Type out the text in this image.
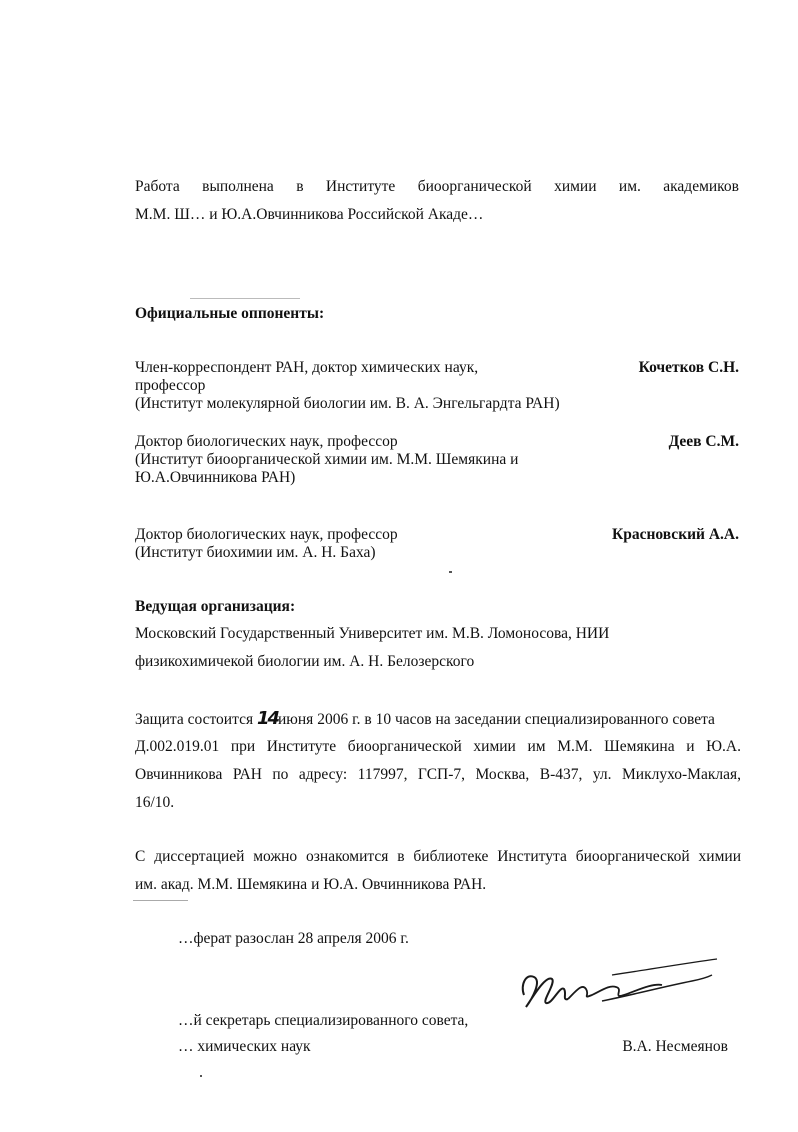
Работа выполнена в Институте биоорганической химии им. академиков
М.М. Ш… и Ю.А.Овчинникова Российской Акаде…
Официальные оппоненты:
Член-корреспондент РАН, доктор химических наук,
профессор
(Институт молекулярной биологии им. В. А. Энгельгардта РАН)
Кочетков С.Н.
Доктор биологических наук, профессор
(Институт биоорганической химии им. М.М. Шемякина и
Ю.А.Овчинникова РАН)
Деев С.М.
Доктор биологических наук, профессор
(Институт биохимии им. А. Н. Баха)
Красновский А.А.
Ведущая организация:
Московский Государственный Университет им. М.В. Ломоносова, НИИ
физикохимичекой биологии им. А. Н. Белозерского
Защита состоится 14июня 2006 г. в 10 часов на заседании специализированного совета
Д.002.019.01 при Институте биоорганической химии им М.М. Шемякина и Ю.А.
Овчинникова РАН по адресу: 117997, ГСП-7, Москва, В-437, ул. Миклухо-Маклая,
16/10.
С диссертацией можно ознакомится в библиотеке Института биоорганической химии
им. акад. М.М. Шемякина и Ю.А. Овчинникова РАН.
…ферат разослан 28 апреля 2006 г.
…й секретарь специализированного совета,
… химических наук	В.А. Несмеянов
